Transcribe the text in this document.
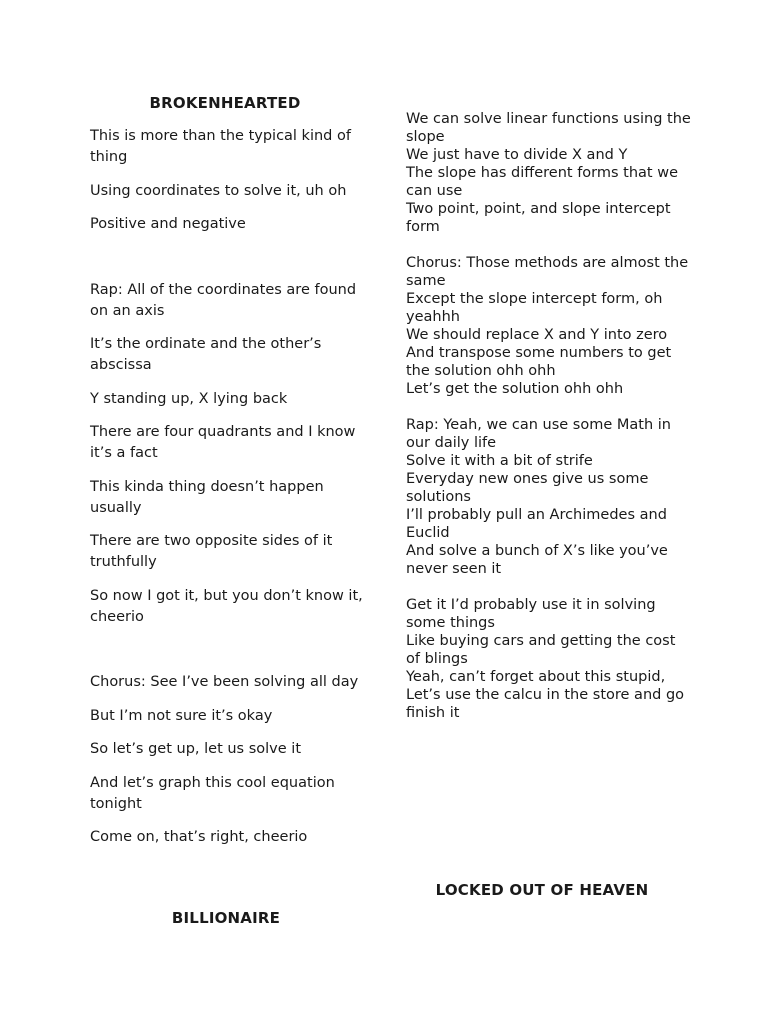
BROKENHEARTED

This is more than the typical kind of thing

Using coordinates to solve it, uh oh

Positive and negative

Rap: All of the coordinates are found on an axis

It’s the ordinate and the other’s abscissa

Y standing up, X lying back

There are four quadrants and I know it’s a fact

This kinda thing doesn’t happen usually

There are two opposite sides of it truthfully

So now I got it, but you don’t know it, cheerio

Chorus: See I’ve been solving all day

But I’m not sure it’s okay

So let’s get up, let us solve it

And let’s graph this cool equation tonight

Come on, that’s right, cheerio

BILLIONAIRE
We can solve linear functions using the slope
We just have to divide X and Y
The slope has different forms that we can use
Two point, point, and slope intercept form
Chorus: Those methods are almost the same
Except the slope intercept form, oh yeahhh
We should replace X and Y into zero
And transpose some numbers to get the solution ohh ohh
Let’s get the solution ohh ohh
Rap: Yeah, we can use some Math in our daily life
Solve it with a bit of strife
Everyday new ones give us some solutions
I’ll probably pull an Archimedes and Euclid
And solve a bunch of X’s like you’ve never seen it
Get it I’d probably use it in solving some things
Like buying cars and getting the cost of blings
Yeah, can’t forget about this stupid,
Let’s use the calcu in the store and go finish it
LOCKED OUT OF HEAVEN
